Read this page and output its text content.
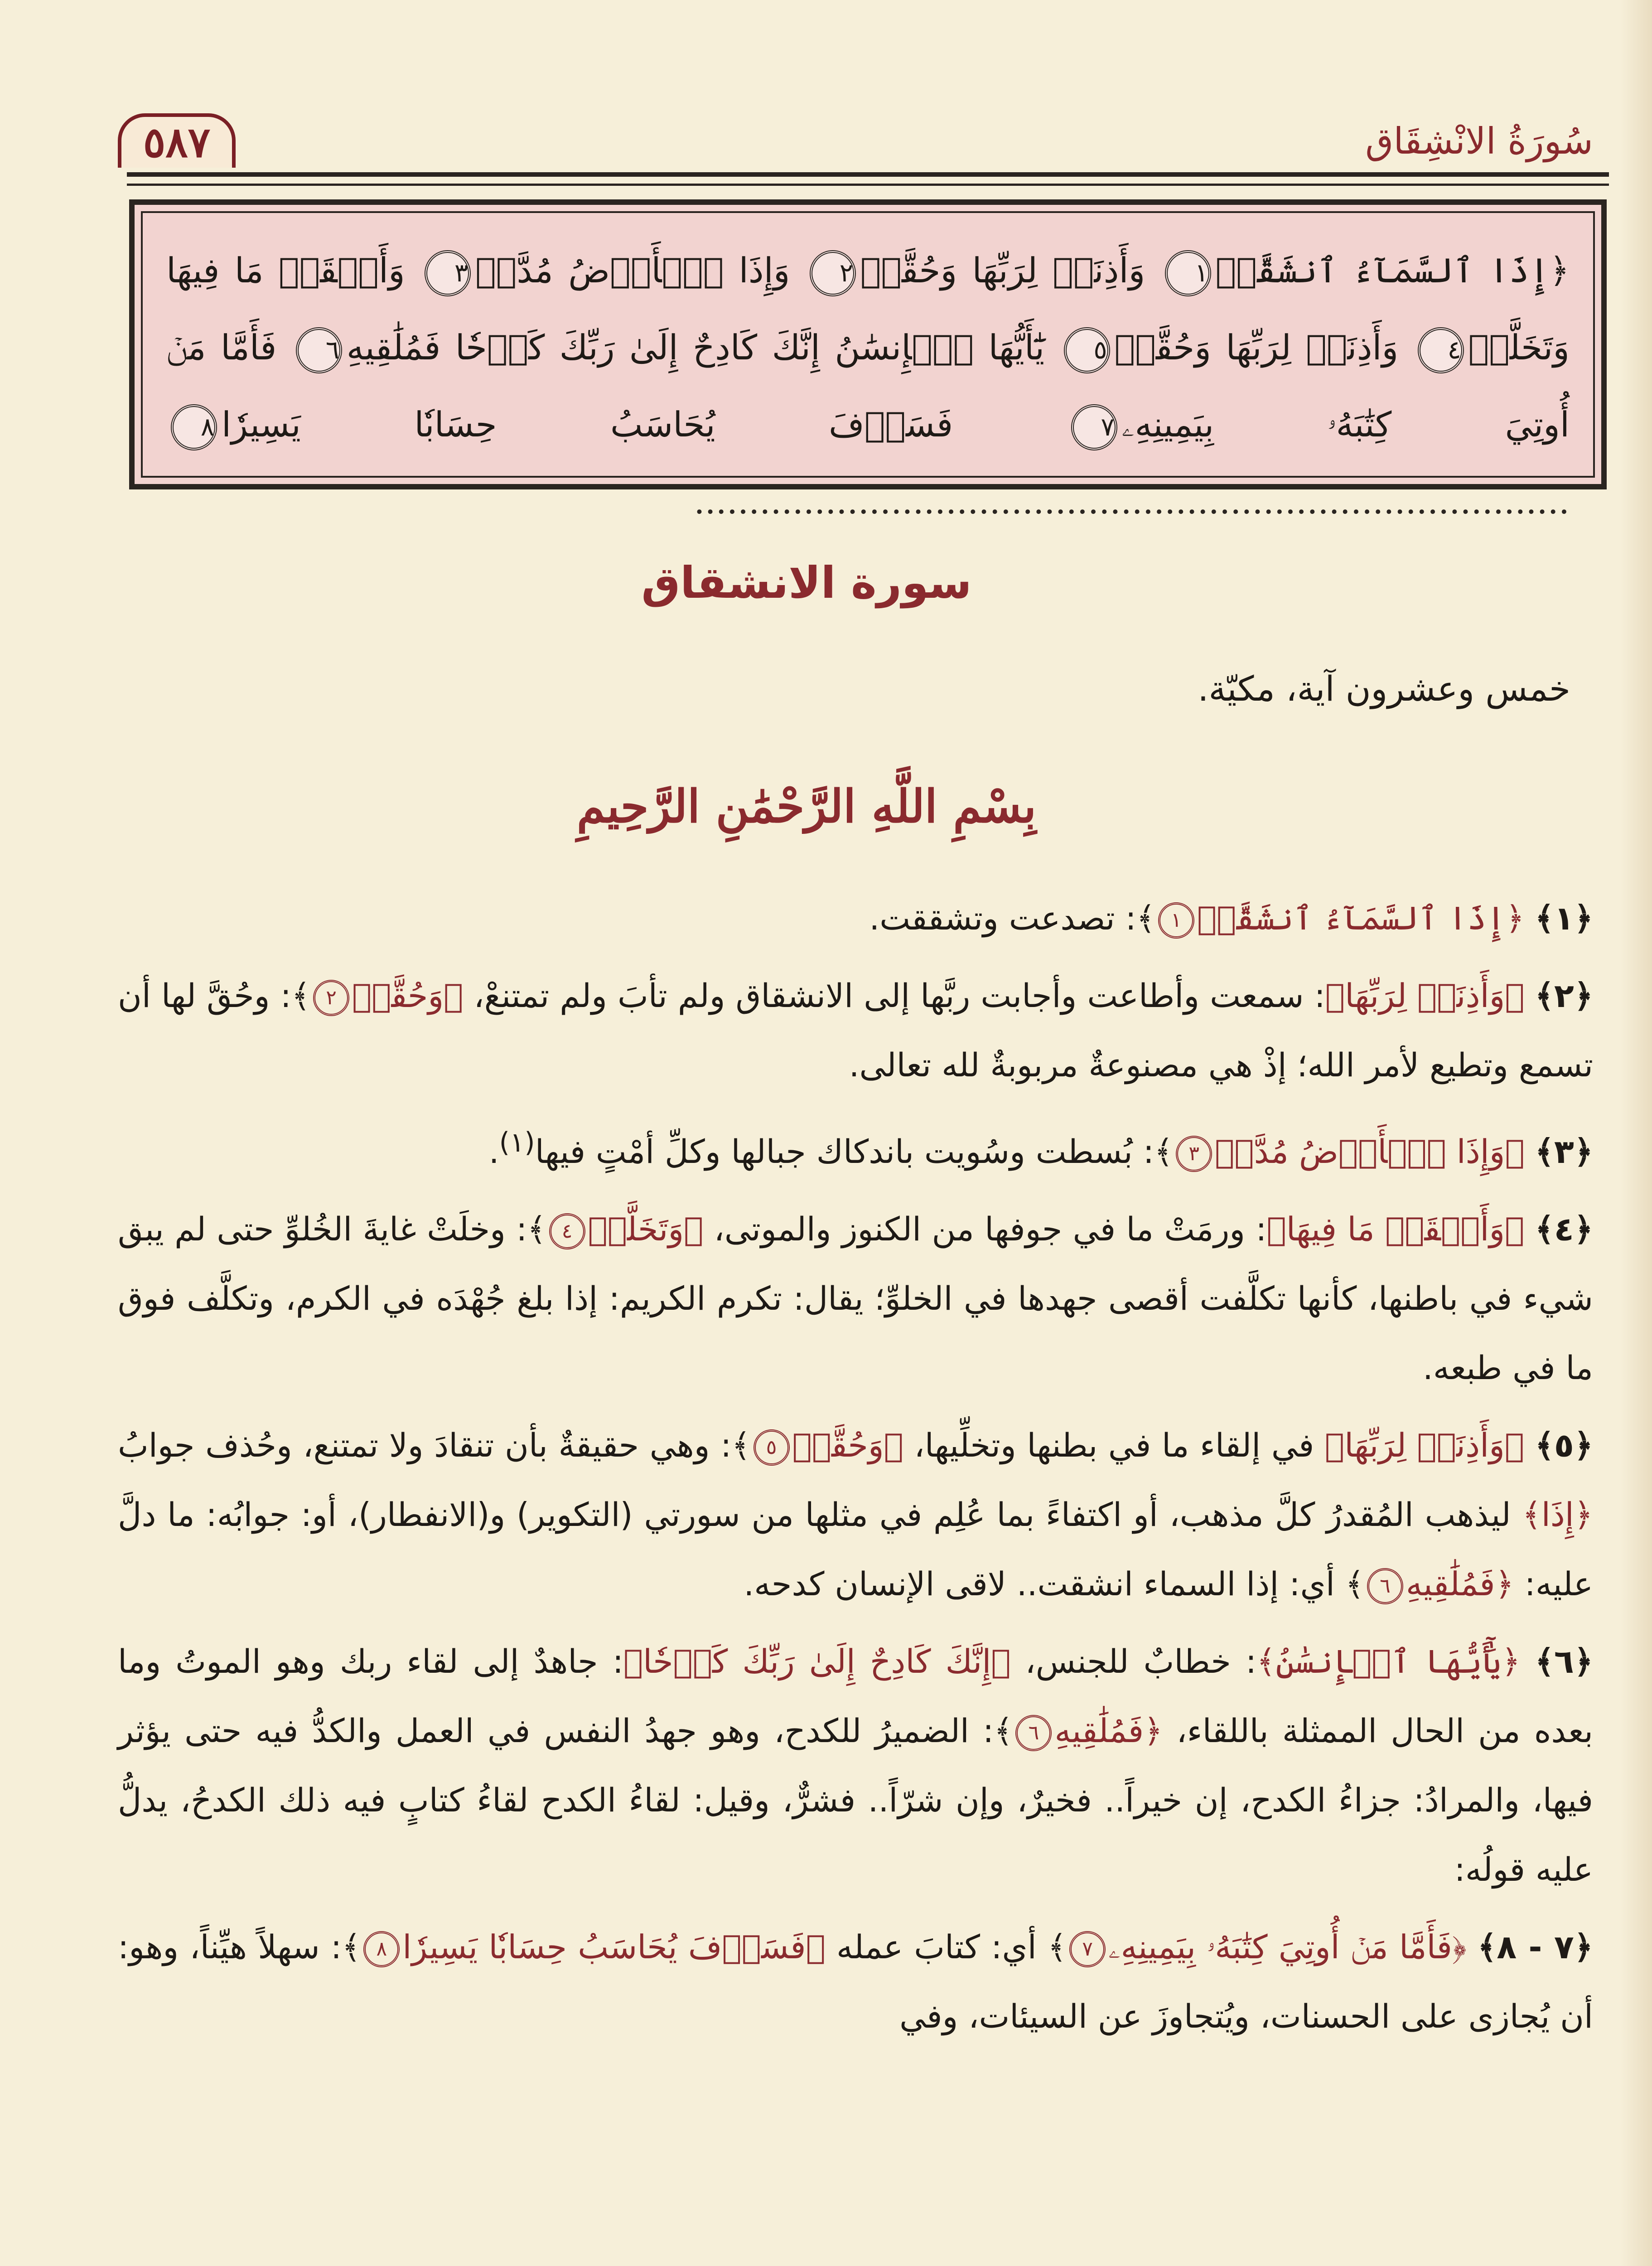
٥٨٧	سُورَةُ الانْشِقَاق
﴿إِذَا ٱلسَّمَآءُ ٱنشَقَّتۡ١ وَأَذِنَتۡ لِرَبِّهَا وَحُقَّتۡ٢ وَإِذَا ٱلۡأَرۡضُ مُدَّتۡ٣ وَأَلۡقَتۡ مَا فِيهَا وَتَخَلَّتۡ٤ وَأَذِنَتۡ لِرَبِّهَا وَحُقَّتۡ٥ يَٰٓأَيُّهَا ٱلۡإِنسَٰنُ إِنَّكَ كَادِحٌ إِلَىٰ رَبِّكَ كَدۡحٗا فَمُلَٰقِيهِ٦ فَأَمَّا مَنۡ أُوتِيَ كِتَٰبَهُۥ بِيَمِينِهِۦ٧ فَسَوۡفَ يُحَاسَبُ حِسَابٗا يَسِيرٗا٨ ................................................................................
سورة الانشقاق
خمس وعشرون آية، مكيّة.
بِسْمِ اللَّهِ الرَّحْمَٰنِ الرَّحِيمِ

﴿١﴾ ﴿إِذَا ٱلسَّمَآءُ ٱنشَقَّتۡ١﴾: تصدعت وتشققت.

﴿٢﴾ ﴿وَأَذِنَتۡ لِرَبِّهَا﴾: سمعت وأطاعت وأجابت ربَّها إلى الانشقاق ولم تأبَ ولم تمتنعْ، ﴿وَحُقَّتۡ٢﴾: وحُقَّ لها أن تسمع وتطيع لأمر الله؛ إذْ هي مصنوعةٌ مربوبةٌ لله تعالى.

﴿٣﴾ ﴿وَإِذَا ٱلۡأَرۡضُ مُدَّتۡ٣﴾: بُسطت وسُويت باندكاك جبالها وكلِّ أمْتٍ فيها$^{(١)}$.

﴿٤﴾ ﴿وَأَلۡقَتۡ مَا فِيهَا﴾: ورمَتْ ما في جوفها من الكنوز والموتى، ﴿وَتَخَلَّتۡ٤﴾: وخلَتْ غايةَ الخُلوِّ حتى لم يبق شيء في باطنها، كأنها تكلَّفت أقصى جهدها في الخلوِّ؛ يقال: تكرم الكريم: إذا بلغ جُهْدَه في الكرم، وتكلَّف فوق ما في طبعه.

﴿٥﴾ ﴿وَأَذِنَتۡ لِرَبِّهَا﴾ في إلقاء ما في بطنها وتخلِّيها، ﴿وَحُقَّتۡ٥﴾: وهي حقيقةٌ بأن تنقادَ ولا تمتنع، وحُذف جوابُ ﴿إِذَا﴾ ليذهب المُقدرُ كلَّ مذهب، أو اكتفاءً بما عُلِم في مثلها من سورتي (التكوير) و(الانفطار)، أو: جوابُه: ما دلَّ عليه: ﴿فَمُلَٰقِيهِ٦﴾ أي: إذا السماء انشقت.. لاقى الإنسان كدحه.

﴿٦﴾ ﴿يَٰٓأَيُّهَا ٱلۡإِنسَٰنُ﴾: خطابٌ للجنس، ﴿إِنَّكَ كَادِحٌ إِلَىٰ رَبِّكَ كَدۡحٗا﴾: جاهدٌ إلى لقاء ربك وهو الموتُ وما بعده من الحال الممثلة باللقاء، ﴿فَمُلَٰقِيهِ٦﴾: الضميرُ للكدح، وهو جهدُ النفس في العمل والكدُّ فيه حتى يؤثر فيها، والمرادُ: جزاءُ الكدح، إن خيراً.. فخيرٌ، وإن شرّاً.. فشرٌّ، وقيل: لقاءُ الكدح لقاءُ كتابٍ فيه ذلك الكدحُ، يدلُّ عليه قولُه:

﴿٧ - ٨﴾ ﴿فَأَمَّا مَنۡ أُوتِيَ كِتَٰبَهُۥ بِيَمِينِهِۦ٧﴾ أي: كتابَ عمله ﴿فَسَوۡفَ يُحَاسَبُ حِسَابٗا يَسِيرٗا٨﴾: سهلاً هيِّناً، وهو: أن يُجازى على الحسنات، ويُتجاوزَ عن السيئات، وفي
